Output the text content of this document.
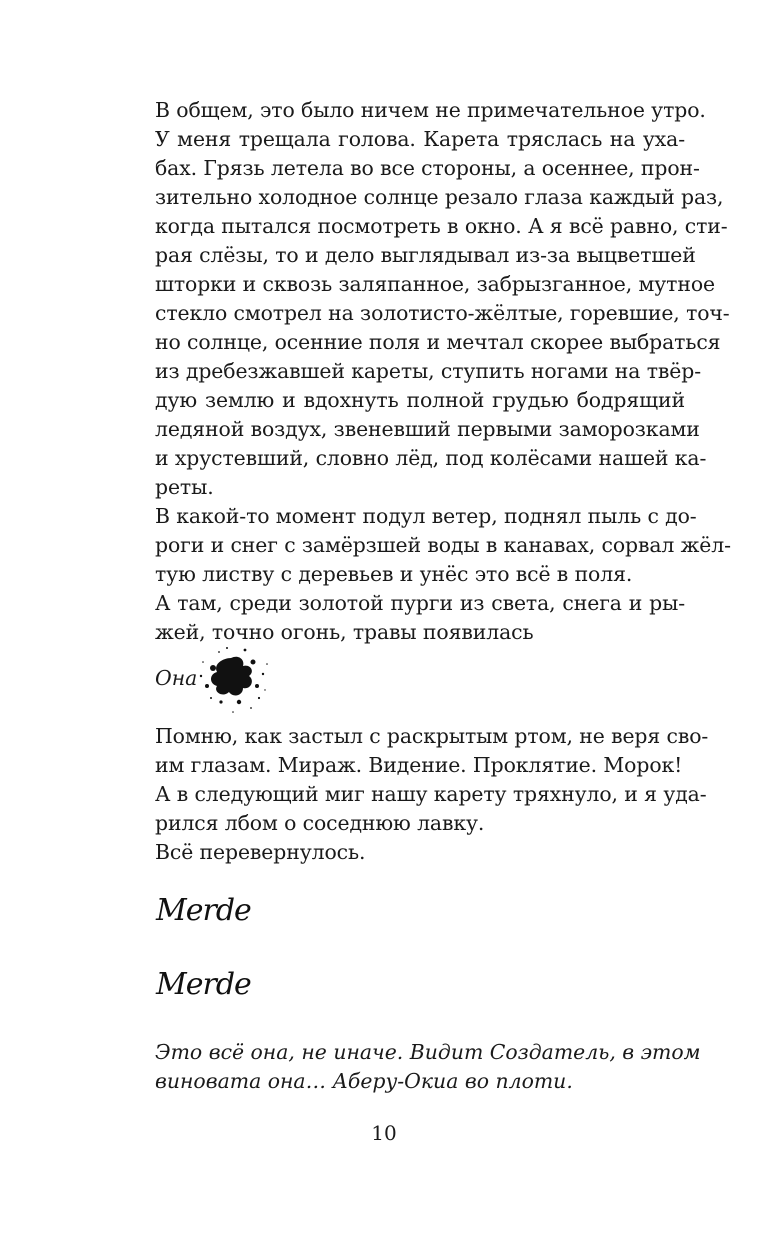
В общем, это было ничем не примечательное утро.

У меня трещала голова. Карета тряслась на уха-
бах. Грязь летела во все стороны, а осеннее, прон-
зительно холодное солнце резало глаза каждый раз,
когда пытался посмотреть в окно. А я всё равно, сти-
рая слёзы, то и дело выглядывал из-за выцветшей
шторки и сквозь заляпанное, забрызганное, мутное
стекло смотрел на золотисто-жёлтые, горевшие, точ-
но солнце, осенние поля и мечтал скорее выбраться
из дребезжавшей кареты, ступить ногами на твёр-
дую землю и вдохнуть полной грудью бодрящий
ледяной воздух, звеневший первыми заморозками
и хрустевший, словно лёд, под колёсами нашей ка-
реты.

В какой-то момент подул ветер, поднял пыль с до-
роги и снег с замёрзшей воды в канавах, сорвал жёл-
тую листву с деревьев и унёс это всё в поля.

А там, среди золотой пурги из света, снега и ры-
жей, точно огонь, травы появилась

Она

Помню, как застыл с раскрытым ртом, не веря сво-
им глазам. Мираж. Видение. Проклятие. Морок!

А в следующий миг нашу карету тряхнуло, и я уда-
рился лбом о соседнюю лавку.

Всё перевернулось.

Merde
Merde
Это всё она, не иначе. Видит Создатель, в этом
виновата она… Аберу-Окиа во плоти.
10
